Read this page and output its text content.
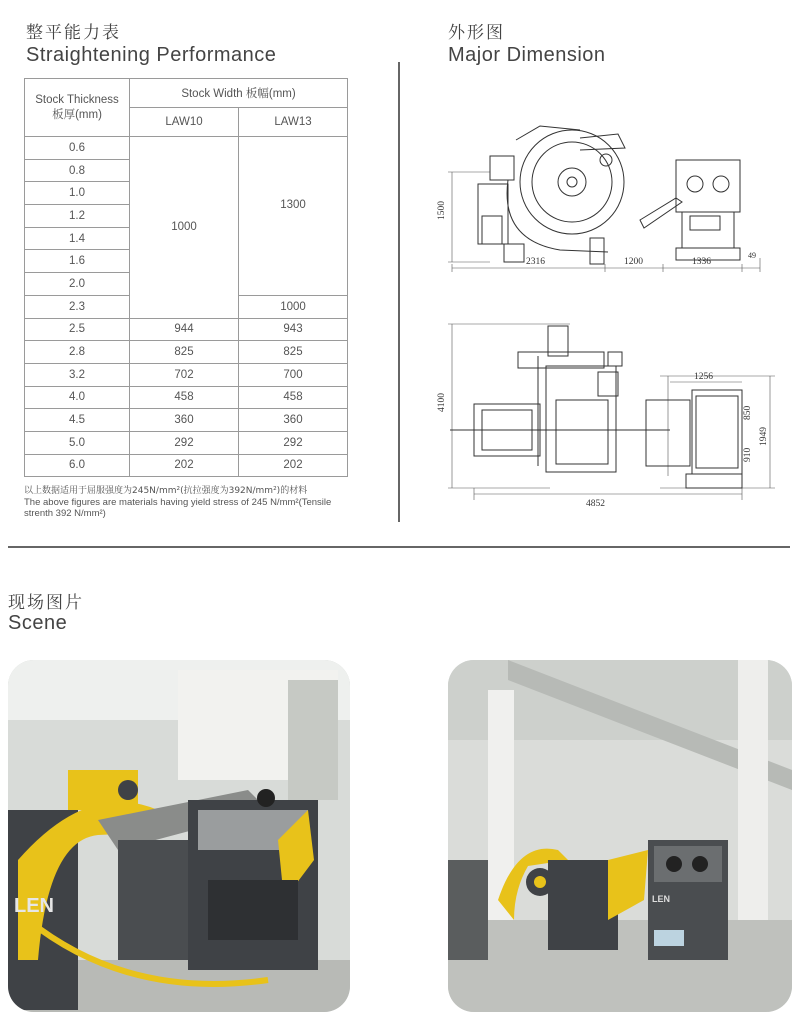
整平能力表
Straightening Performance
外形图
Major Dimension
Stock Thickness
板厚(mm)	Stock Width 板幅(mm)	
	LAW10	LAW13
0.6	1000	1300
0.8		
1.0		
1.2		
1.4		
1.6		
2.0		
2.3		1000
2.5	944	943
2.8	825	825
3.2	702	700
4.0	458	458
4.5	360	360
5.0	292	292
6.0	202	202
以上数据适用于屈服强度为245N/mm²(抗拉强度为392N/mm²)的材料
The above figures are materials having yield stress of 245 N/mm²(Tensile strenth 392 N/mm²)
1500
2316	1200	1336
49
4100
1256
850
910
1949
4852
现场图片
Scene
LEN	LEN
